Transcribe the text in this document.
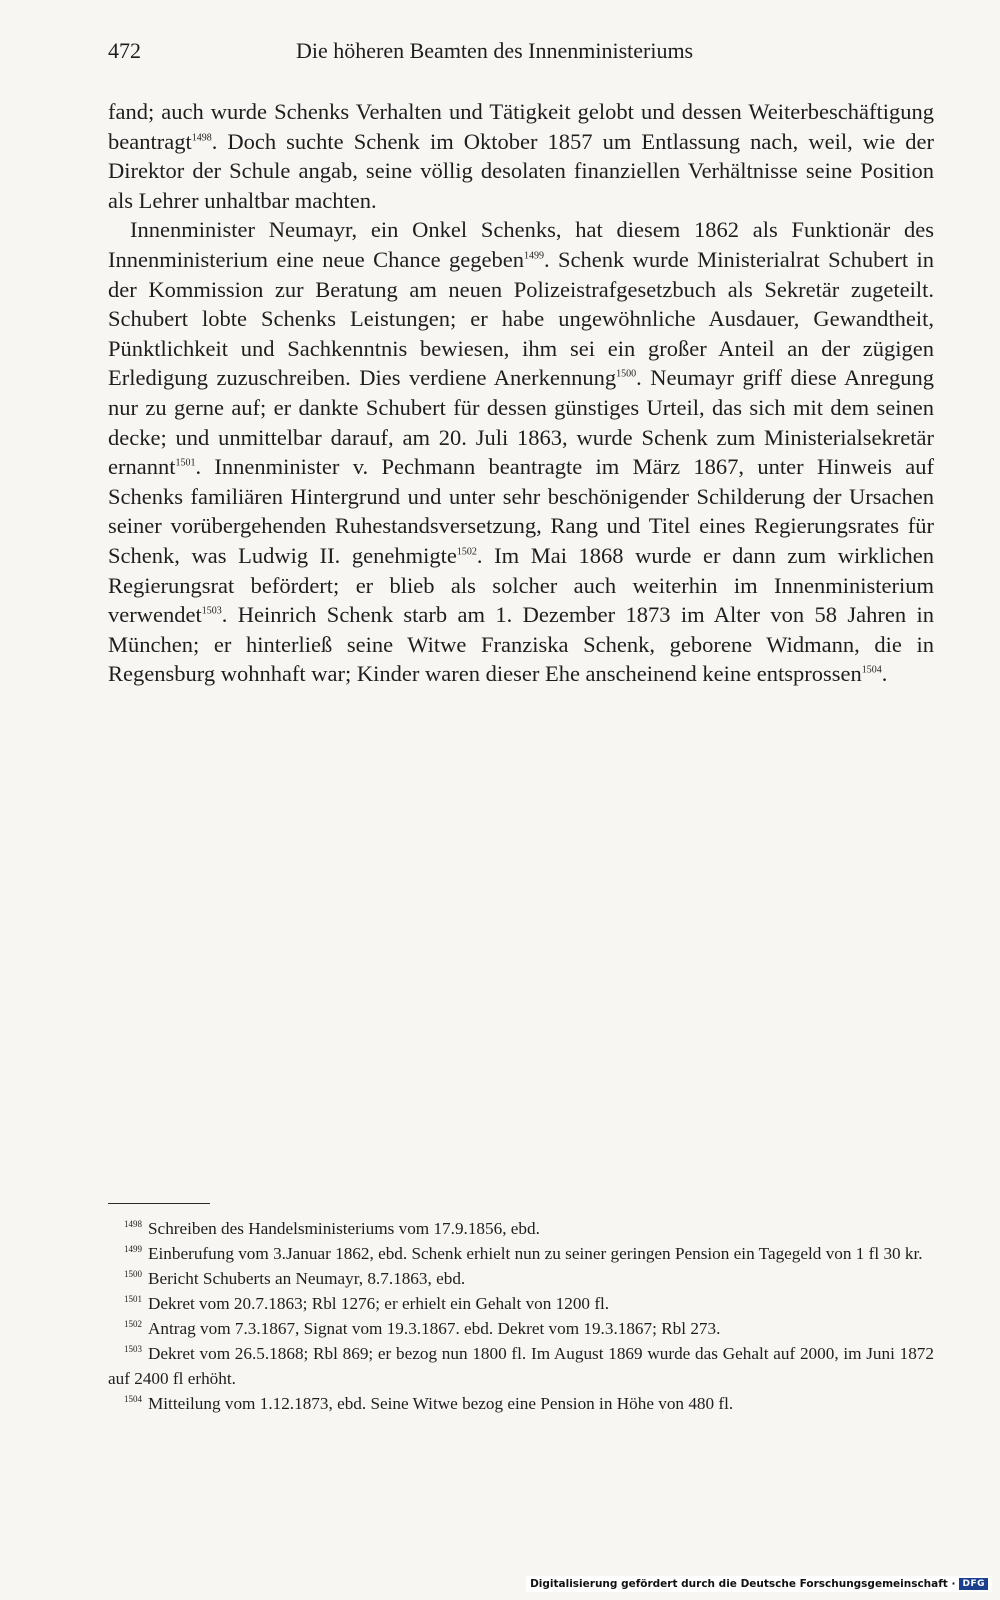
472	Die höheren Beamten des Innenministeriums

fand; auch wurde Schenks Verhalten und Tätigkeit gelobt und dessen Weiterbeschäftigung beantragt$^{1498}$. Doch suchte Schenk im Oktober 1857 um Entlassung nach, weil, wie der Direktor der Schule angab, seine völlig desolaten finanziellen Verhältnisse seine Position als Lehrer unhaltbar machten.

Innenminister Neumayr, ein Onkel Schenks, hat diesem 1862 als Funktionär des Innenministerium eine neue Chance gegeben$^{1499}$. Schenk wurde Ministerialrat Schubert in der Kommission zur Beratung am neuen Polizeistrafgesetzbuch als Sekretär zugeteilt. Schubert lobte Schenks Leistungen; er habe ungewöhnliche Ausdauer, Gewandtheit, Pünktlichkeit und Sachkenntnis bewiesen, ihm sei ein großer Anteil an der zügigen Erledigung zuzuschreiben. Dies verdiene Anerkennung$^{1500}$. Neumayr griff diese Anregung nur zu gerne auf; er dankte Schubert für dessen günstiges Urteil, das sich mit dem seinen decke; und unmittelbar darauf, am 20. Juli 1863, wurde Schenk zum Ministerialsekretär ernannt$^{1501}$. Innenminister v. Pechmann beantragte im März 1867, unter Hinweis auf Schenks familiären Hintergrund und unter sehr beschönigender Schilderung der Ursachen seiner vorübergehenden Ruhestandsversetzung, Rang und Titel eines Regierungsrates für Schenk, was Ludwig II. genehmigte$^{1502}$. Im Mai 1868 wurde er dann zum wirklichen Regierungsrat befördert; er blieb als solcher auch weiterhin im Innenministerium verwendet$^{1503}$. Heinrich Schenk starb am 1. Dezember 1873 im Alter von 58 Jahren in München; er hinterließ seine Witwe Franziska Schenk, geborene Widmann, die in Regensburg wohnhaft war; Kinder waren dieser Ehe anscheinend keine entsprossen$^{1504}$.

$^{1498}$ Schreiben des Handelsministeriums vom 17.9.1856, ebd.

$^{1499}$ Einberufung vom 3.Januar 1862, ebd. Schenk erhielt nun zu seiner geringen Pension ein Tagegeld von 1 fl 30 kr.

$^{1500}$ Bericht Schuberts an Neumayr, 8.7.1863, ebd.

$^{1501}$ Dekret vom 20.7.1863; Rbl 1276; er erhielt ein Gehalt von 1200 fl.

$^{1502}$ Antrag vom 7.3.1867, Signat vom 19.3.1867. ebd. Dekret vom 19.3.1867; Rbl 273.

$^{1503}$ Dekret vom 26.5.1868; Rbl 869; er bezog nun 1800 fl. Im August 1869 wurde das Gehalt auf 2000, im Juni 1872 auf 2400 fl erhöht.

$^{1504}$ Mitteilung vom 1.12.1873, ebd. Seine Witwe bezog eine Pension in Höhe von 480 fl.

Digitalisierung gefördert durch die Deutsche Forschungsgemeinschaft · DFG
